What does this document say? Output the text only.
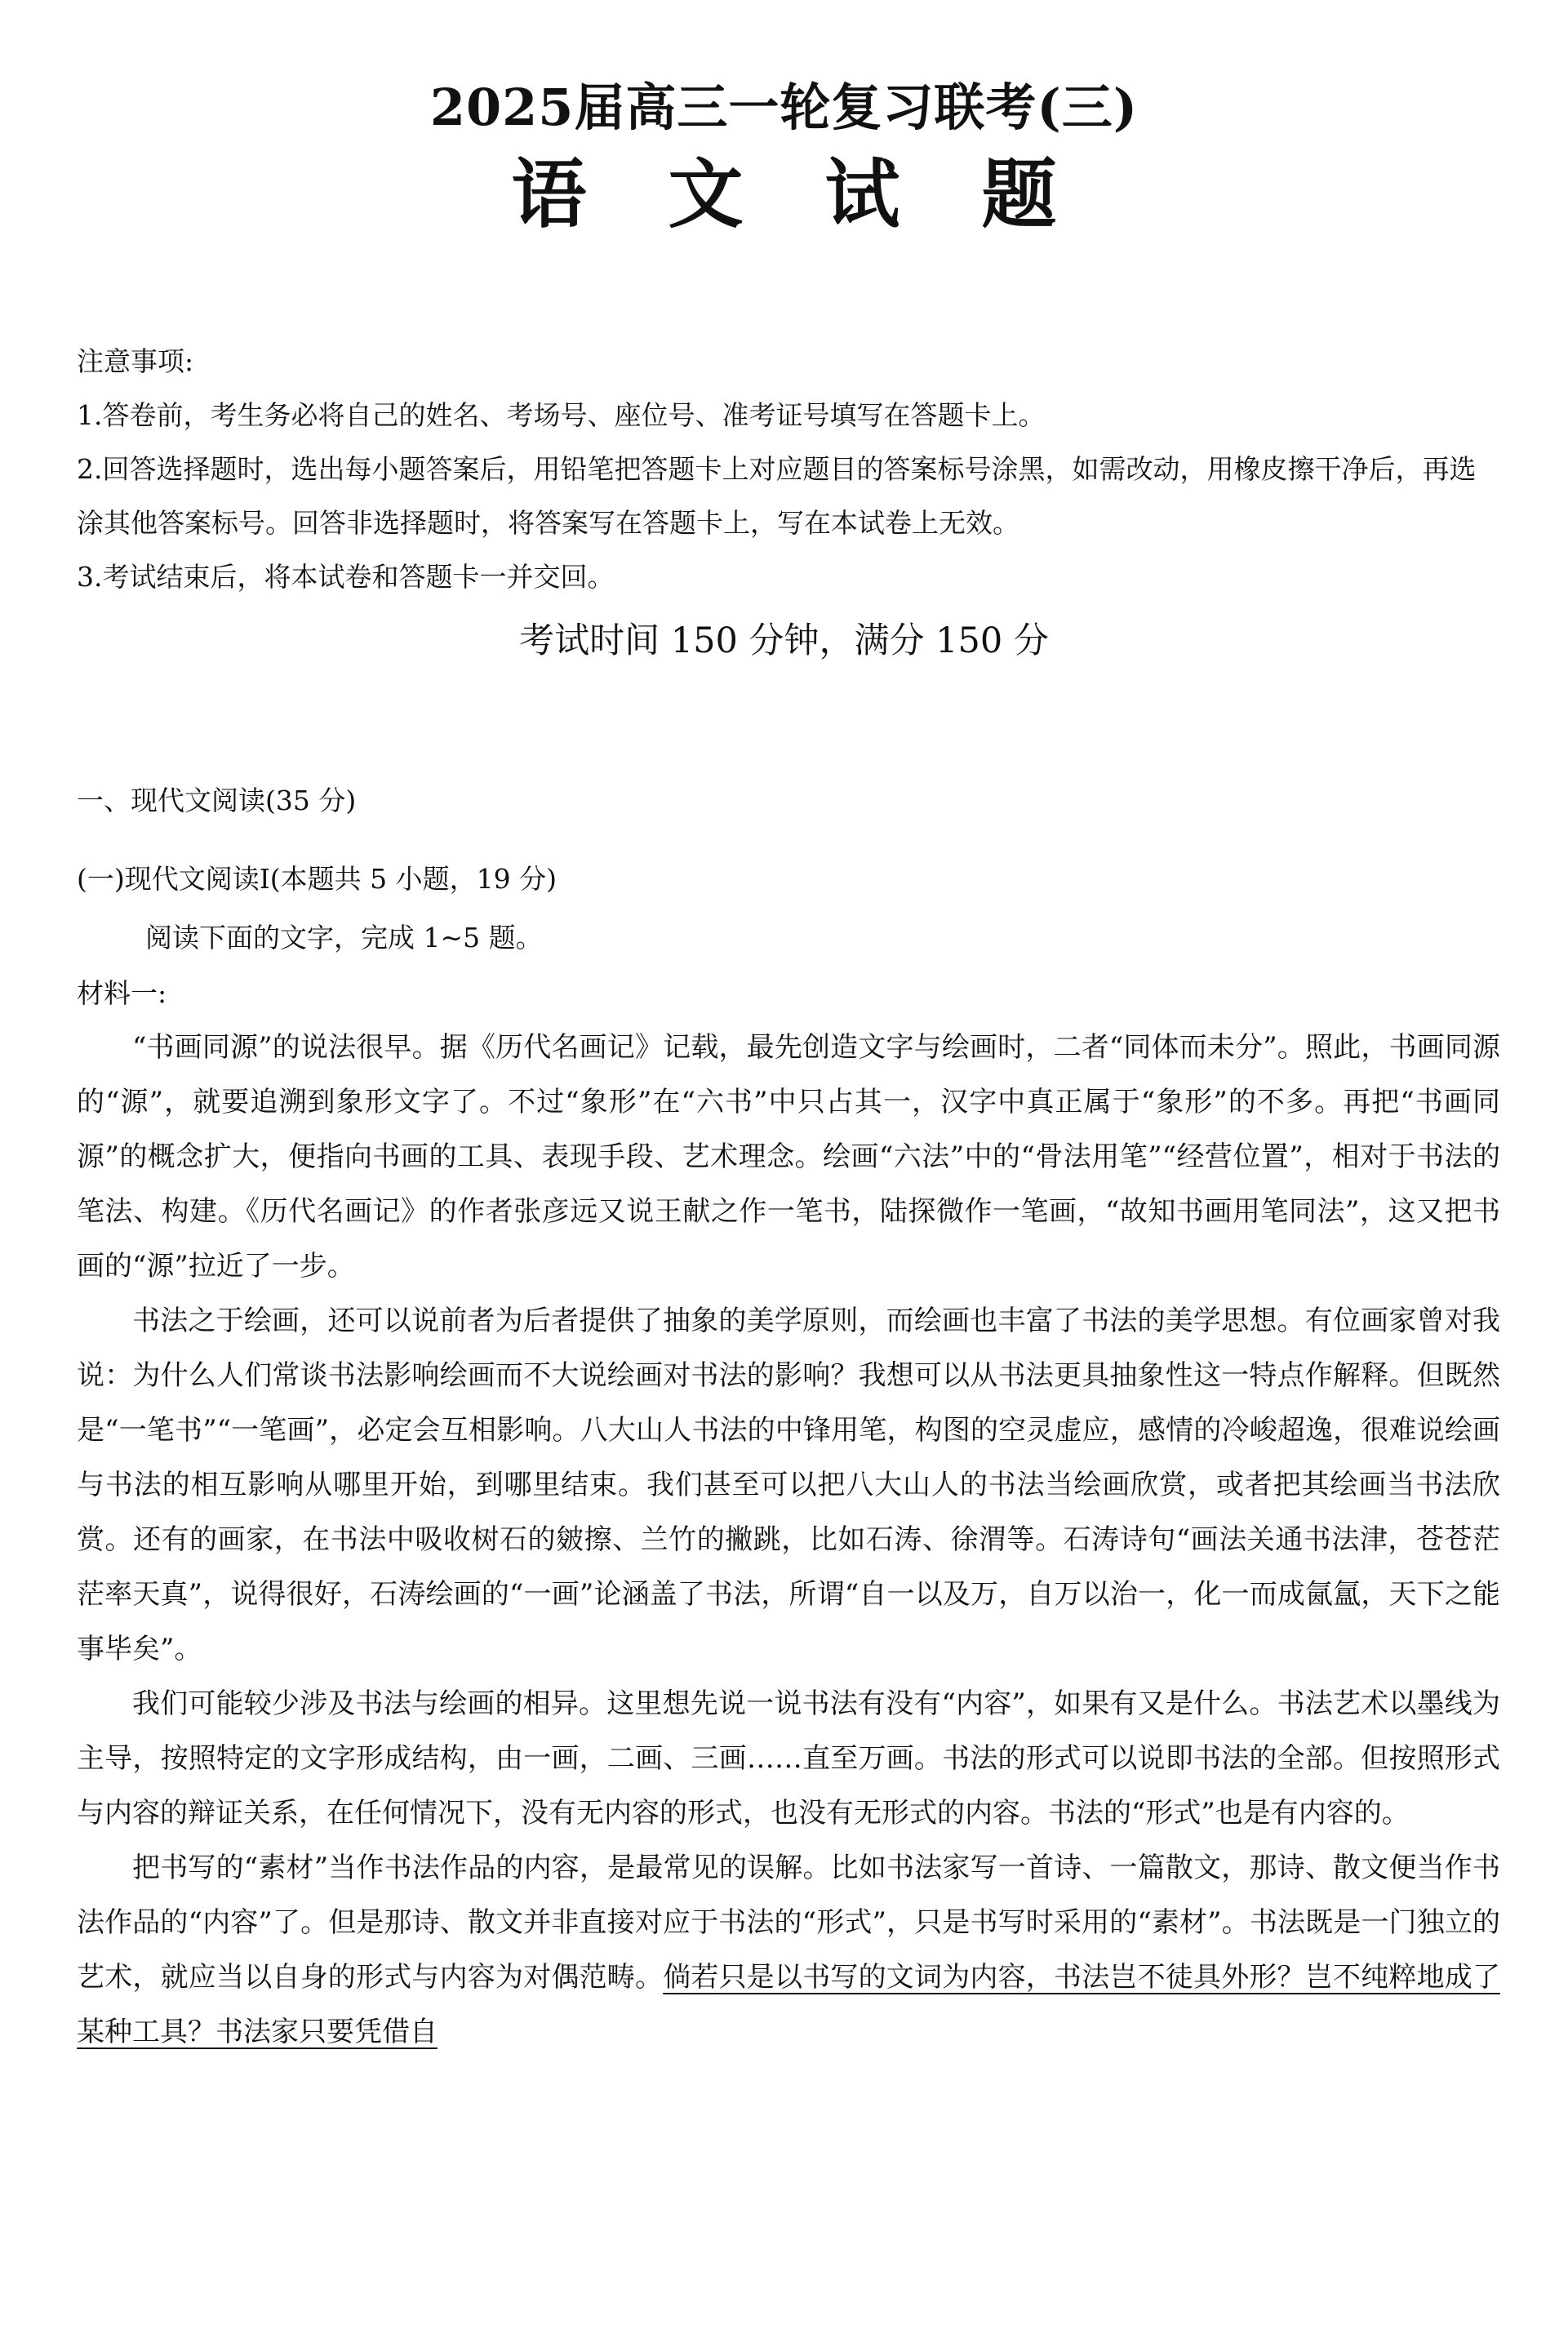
2025届高三一轮复习联考(三)
语 文 试 题

注意事项:

1.答卷前，考生务必将自己的姓名、考场号、座位号、准考证号填写在答题卡上。

2.回答选择题时，选出每小题答案后，用铅笔把答题卡上对应题目的答案标号涂黑，如需改动，用橡皮擦干净后，再选涂其他答案标号。回答非选择题时，将答案写在答题卡上，写在本试卷上无效。

3.考试结束后，将本试卷和答题卡一并交回。

考试时间 150 分钟，满分 150 分
一、现代文阅读(35 分)
(一)现代文阅读Ⅰ(本题共 5 小题，19 分)
阅读下面的文字，完成 1~5 题。
材料一:

“书画同源”的说法很早。据《历代名画记》记载，最先创造文字与绘画时，二者“同体而未分”。照此，书画同源的“源”，就要追溯到象形文字了。不过“象形”在“六书”中只占其一，汉字中真正属于“象形”的不多。再把“书画同源”的概念扩大，便指向书画的工具、表现手段、艺术理念。绘画“六法”中的“骨法用笔”“经营位置”，相对于书法的笔法、构建。《历代名画记》的作者张彦远又说王献之作一笔书，陆探微作一笔画，“故知书画用笔同法”，这又把书画的“源”拉近了一步。

书法之于绘画，还可以说前者为后者提供了抽象的美学原则，而绘画也丰富了书法的美学思想。有位画家曾对我说：为什么人们常谈书法影响绘画而不大说绘画对书法的影响？我想可以从书法更具抽象性这一特点作解释。但既然是“一笔书”“一笔画”，必定会互相影响。八大山人书法的中锋用笔，构图的空灵虚应，感情的冷峻超逸，很难说绘画与书法的相互影响从哪里开始，到哪里结束。我们甚至可以把八大山人的书法当绘画欣赏，或者把其绘画当书法欣赏。还有的画家，在书法中吸收树石的皴擦、兰竹的撇跳，比如石涛、徐渭等。石涛诗句“画法关通书法津，苍苍茫茫率天真”，说得很好，石涛绘画的“一画”论涵盖了书法，所谓“自一以及万，自万以治一，化一而成氤氲，天下之能事毕矣”。

我们可能较少涉及书法与绘画的相异。这里想先说一说书法有没有“内容”，如果有又是什么。书法艺术以墨线为主导，按照特定的文字形成结构，由一画，二画、三画……直至万画。书法的形式可以说即书法的全部。但按照形式与内容的辩证关系，在任何情况下，没有无内容的形式，也没有无形式的内容。书法的“形式”也是有内容的。

把书写的“素材”当作书法作品的内容，是最常见的误解。比如书法家写一首诗、一篇散文，那诗、散文便当作书法作品的“内容”了。但是那诗、散文并非直接对应于书法的“形式”，只是书写时采用的“素材”。书法既是一门独立的艺术，就应当以自身的形式与内容为对偶范畴。倘若只是以书写的文词为内容，书法岂不徒具外形？岂不纯粹地成了某种工具？书法家只要凭借自
